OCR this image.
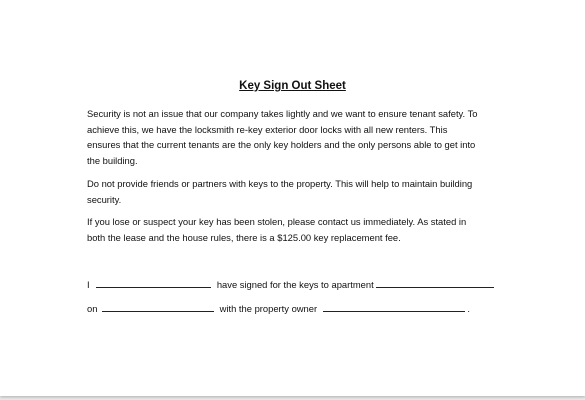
Key Sign Out Sheet
Security is not an issue that our company takes lightly and we want to ensure tenant safety. To
achieve this, we have the locksmith re-key exterior door locks with all new renters. This
ensures that the current tenants are the only key holders and the only persons able to get into
the building.
Do not provide friends or partners with keys to the property. This will help to maintain building
security.
If you lose or suspect your key has been stolen, please contact us immediately. As stated in
both the lease and the house rules, there is a $125.00 key replacement fee.
I	have signed for the keys to apartment
on	with the property owner	.
